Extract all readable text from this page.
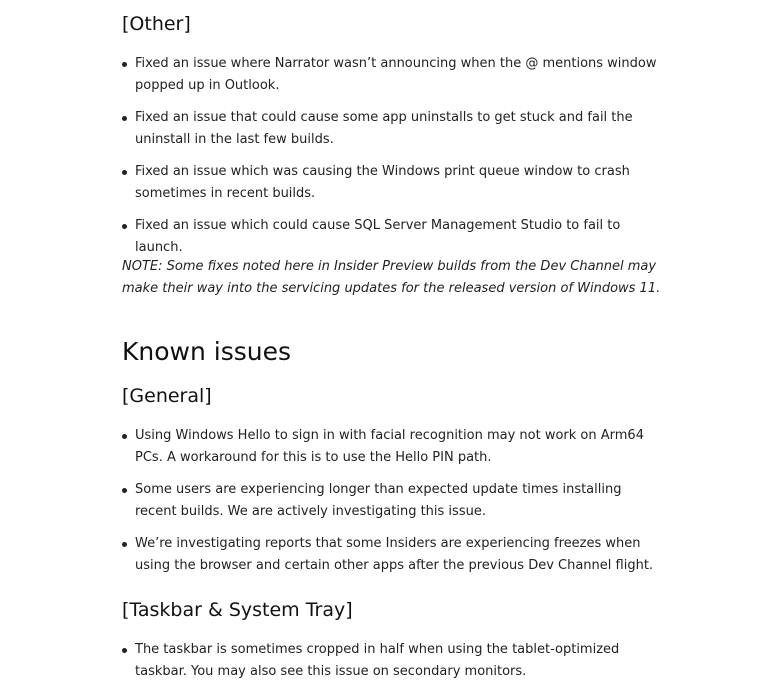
[Other]
Fixed an issue where Narrator wasn’t announcing when the @ mentions window popped up in Outlook.
Fixed an issue that could cause some app uninstalls to get stuck and fail the uninstall in the last few builds.
Fixed an issue which was causing the Windows print queue window to crash sometimes in recent builds.
Fixed an issue which could cause SQL Server Management Studio to fail to launch.

NOTE: Some fixes noted here in Insider Preview builds from the Dev Channel may make their way into the servicing updates for the released version of Windows 11.

Known issues
[General]
Using Windows Hello to sign in with facial recognition may not work on Arm64 PCs. A workaround for this is to use the Hello PIN path.
Some users are experiencing longer than expected update times installing recent builds. We are actively investigating this issue.
We’re investigating reports that some Insiders are experiencing freezes when using the browser and certain other apps after the previous Dev Channel flight.
[Taskbar & System Tray]
The taskbar is sometimes cropped in half when using the tablet-optimized taskbar. You may also see this issue on secondary monitors.
